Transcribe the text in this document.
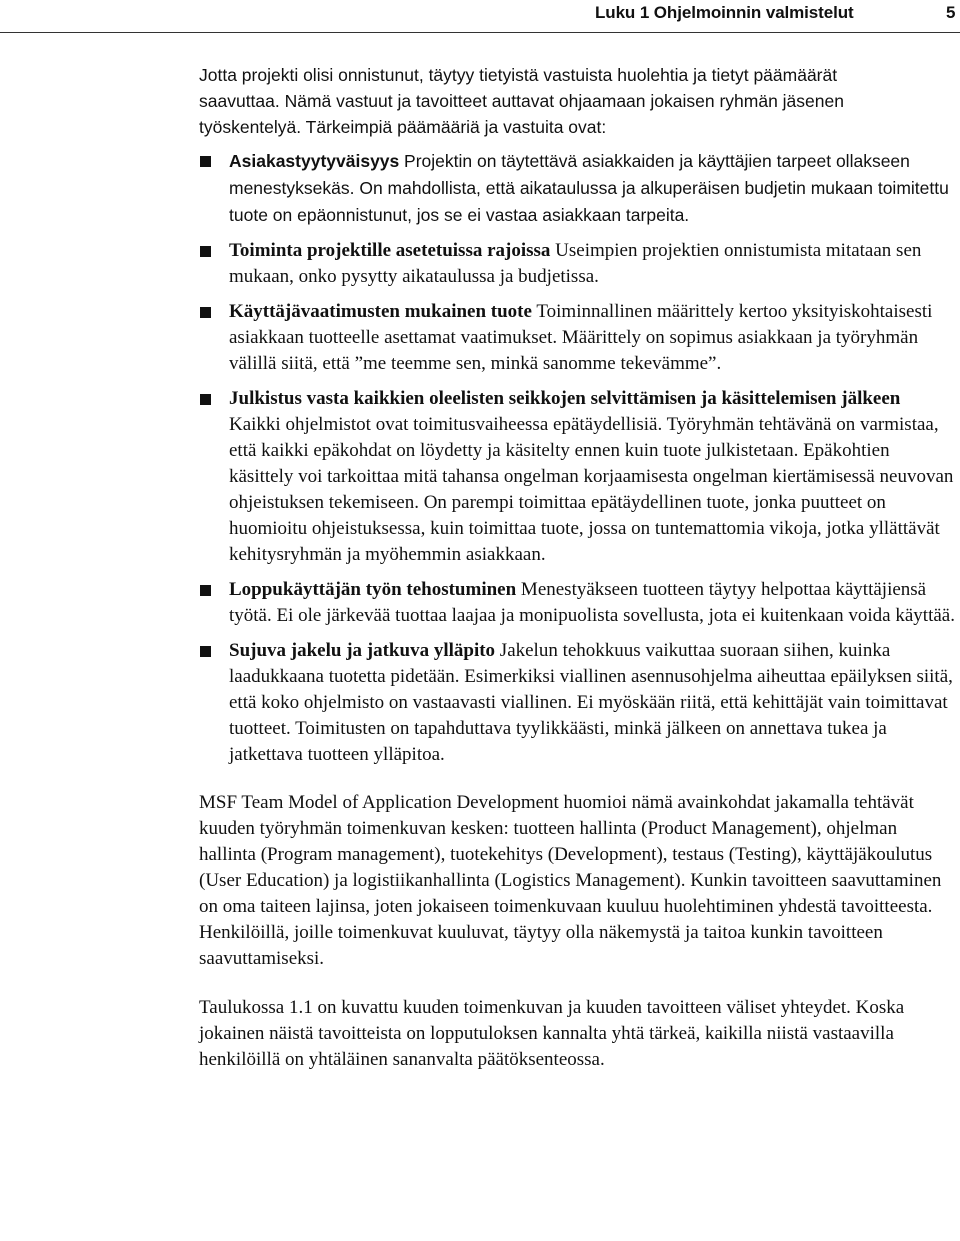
Luku 1 Ohjelmoinnin valmistelut	5

Jotta projekti olisi onnistunut, täytyy tietyistä vastuista huolehtia ja tietyt päämäärät saavuttaa. Nämä vastuut ja tavoitteet auttavat ohjaamaan jokaisen ryhmän jäsenen työskentelyä. Tärkeimpiä päämääriä ja vastuita ovat:

Asiakastyytyväisyys Projektin on täytettävä asiakkaiden ja käyttäjien tarpeet ollakseen menestyksekäs. On mahdollista, että aikataulussa ja alkuperäisen budjetin mukaan toimitettu tuote on epäonnistunut, jos se ei vastaa asiakkaan tarpeita.
Toiminta projektille asetetuissa rajoissa Useimpien projektien onnistumista mitataan sen mukaan, onko pysytty aikataulussa ja budjetissa.
Käyttäjävaatimusten mukainen tuote Toiminnallinen määrittely kertoo yksityiskohtaisesti asiakkaan tuotteelle asettamat vaatimukset. Määrittely on sopimus asiakkaan ja työryhmän välillä siitä, että ”me teemme sen, minkä sanomme tekevämme”.
Julkistus vasta kaikkien oleelisten seikkojen selvittämisen ja käsittelemisen jälkeen Kaikki ohjelmistot ovat toimitusvaiheessa epätäydellisiä. Työryhmän tehtävänä on varmistaa, että kaikki epäkohdat on löydetty ja käsitelty ennen kuin tuote julkistetaan. Epäkohtien käsittely voi tarkoittaa mitä tahansa ongelman korjaamisesta ongelman kiertämisessä neuvovan ohjeistuksen tekemiseen. On parempi toimittaa epätäydellinen tuote, jonka puutteet on huomioitu ohjeistuksessa, kuin toimittaa tuote, jossa on tuntemattomia vikoja, jotka yllättävät kehitysryhmän ja myöhemmin asiakkaan.
Loppukäyttäjän työn tehostuminen Menestyäkseen tuotteen täytyy helpottaa käyttäjiensä työtä. Ei ole järkevää tuottaa laajaa ja monipuolista sovellusta, jota ei kuitenkaan voida käyttää.
Sujuva jakelu ja jatkuva ylläpito Jakelun tehokkuus vaikuttaa suoraan siihen, kuinka laadukkaana tuotetta pidetään. Esimerkiksi viallinen asennusohjelma aiheuttaa epäilyksen siitä, että koko ohjelmisto on vastaavasti viallinen. Ei myöskään riitä, että kehittäjät vain toimittavat tuotteet. Toimitusten on tapahduttava tyylikkäästi, minkä jälkeen on annettava tukea ja jatkettava tuotteen ylläpitoa.

MSF Team Model of Application Development huomioi nämä avainkohdat jakamalla tehtävät kuuden työryhmän toimenkuvan kesken: tuotteen hallinta (Product Management), ohjelman hallinta (Program management), tuotekehitys (Development), testaus (Testing), käyttäjäkoulutus (User Education) ja logistiikanhallinta (Logistics Management). Kunkin tavoitteen saavuttaminen on oma taiteen lajinsa, joten jokaiseen toimenkuvaan kuuluu huolehtiminen yhdestä tavoitteesta. Henkilöillä, joille toimenkuvat kuuluvat, täytyy olla näkemystä ja taitoa kunkin tavoitteen saavuttamiseksi.

Taulukossa 1.1 on kuvattu kuuden toimenkuvan ja kuuden tavoitteen väliset yhteydet. Koska jokainen näistä tavoitteista on lopputuloksen kannalta yhtä tärkeä, kaikilla niistä vastaavilla henkilöillä on yhtäläinen sananvalta päätöksenteossa.
